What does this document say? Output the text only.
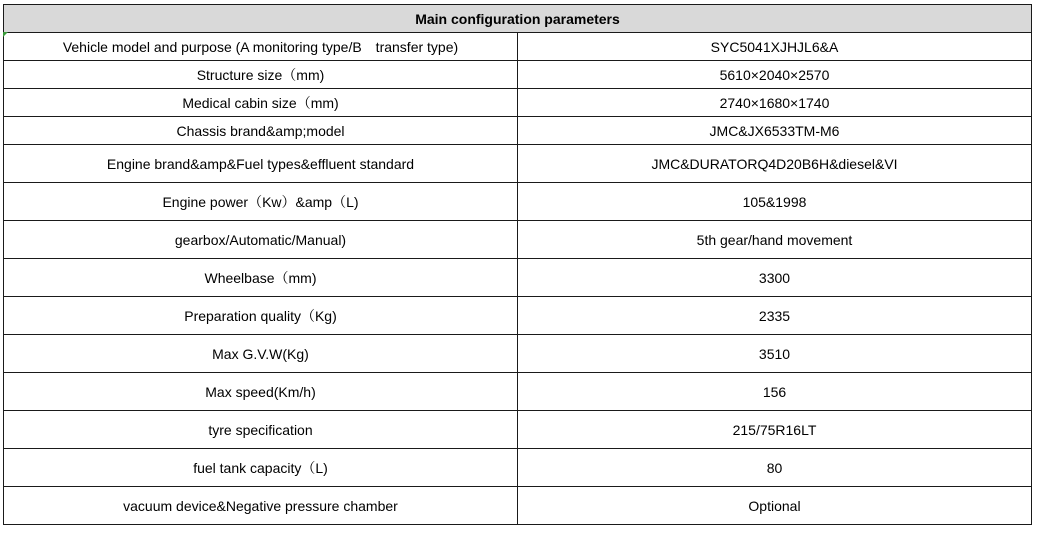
Main configuration parameters	
Vehicle model and purpose (A monitoring type/B　transfer type)	SYC5041XJHJL6&A
Structure size（mm)	5610×2040×2570
Medical cabin size（mm)	2740×1680×1740
Chassis brand&amp;model	JMC&JX6533TM-M6
Engine brand&amp&Fuel types&effluent standard	JMC&DURATORQ4D20B6H&diesel&VI
Engine power（Kw）&amp（L)	105&1998
gearbox/Automatic/Manual)	5th gear/hand movement
Wheelbase（mm)	3300
Preparation quality（Kg)	2335
Max G.V.W(Kg)	3510
Max speed(Km/h)	156
tyre specification	215/75R16LT
fuel tank capacity（L)	80
vacuum device&Negative pressure chamber	Optional
